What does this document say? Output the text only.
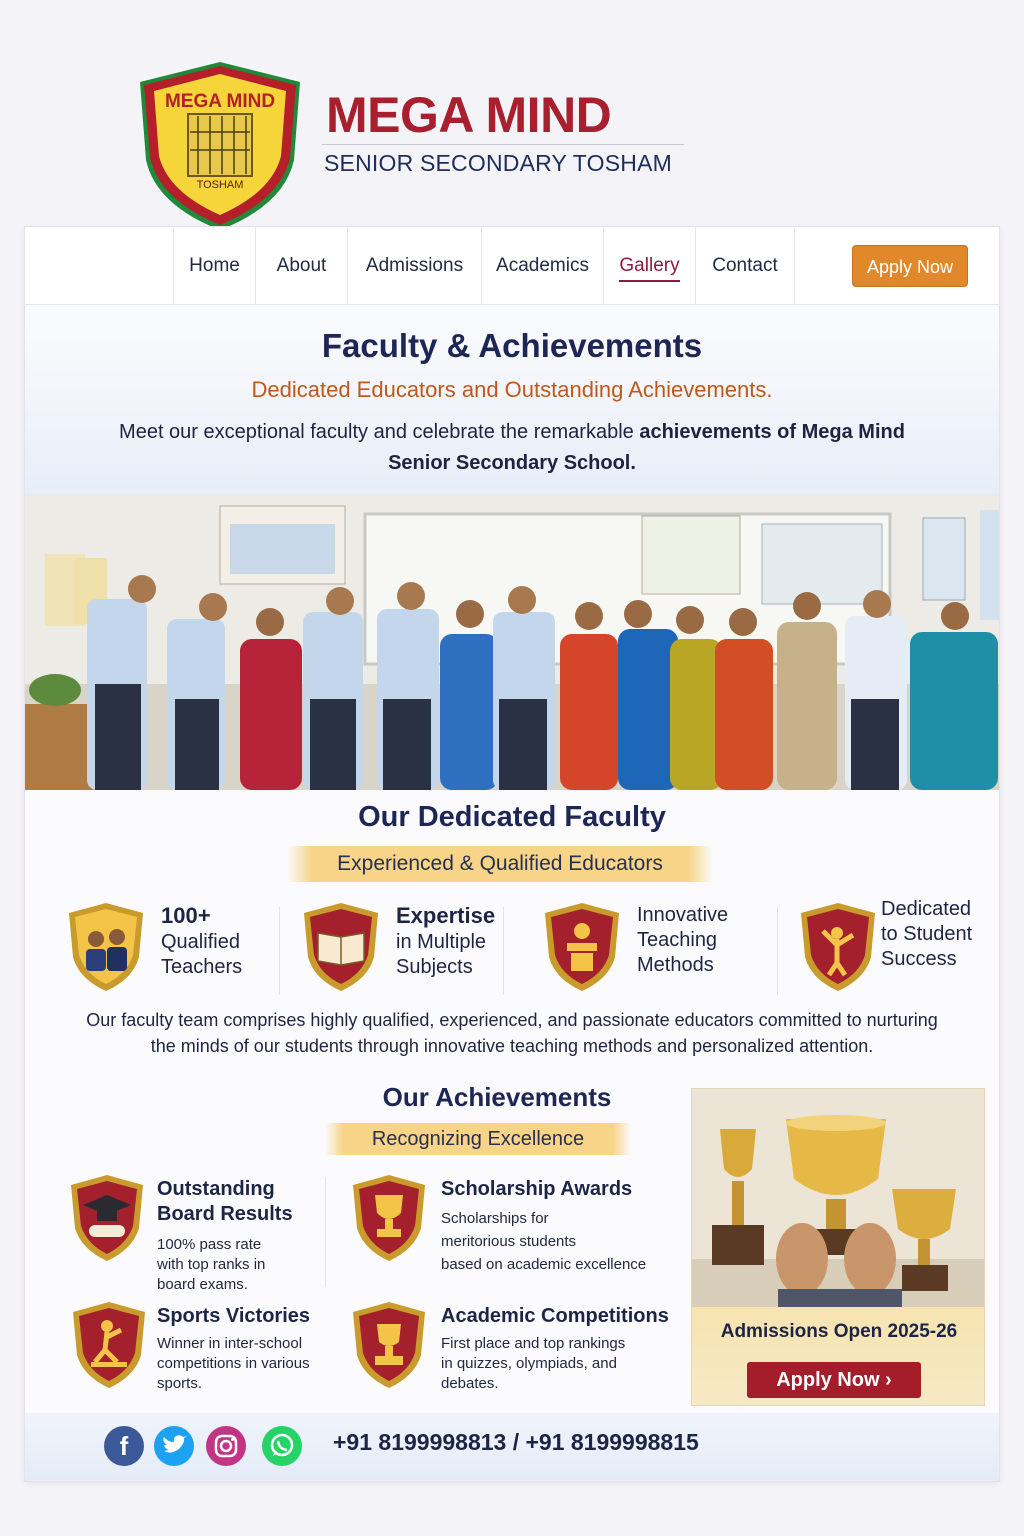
MEGA MIND
TOSHAM
MEGA MIND
SENIOR SECONDARY TOSHAM
Home	About	Admissions	Academics	Gallery	Contact	Apply Now
Faculty & Achievements
Dedicated Educators and Outstanding Achievements.
Meet our exceptional faculty and celebrate the remarkable achievements of Mega Mind
Senior Secondary School.
Our Dedicated Faculty
Experienced & Qualified Educators
100+
Qualified
Teachers
Expertise
in Multiple
Subjects
Innovative
Teaching
Methods
Dedicated
to Student
Success
Our faculty team comprises highly qualified, experienced, and passionate educators committed to nurturing
the minds of our students through innovative teaching methods and personalized attention.
Our Achievements
Recognizing Excellence
Outstanding
Board Results
100% pass rate
with top ranks in
board exams.
Scholarship Awards
Scholarships for
meritorious students
based on academic excellence
Sports Victories
Winner in inter-school
competitions in various
sports.
Academic Competitions
First place and top rankings
in quizzes, olympiads, and
debates.
Admissions Open 2025-26
Apply Now ›
f	+91 8199998813 / +91 8199998815
